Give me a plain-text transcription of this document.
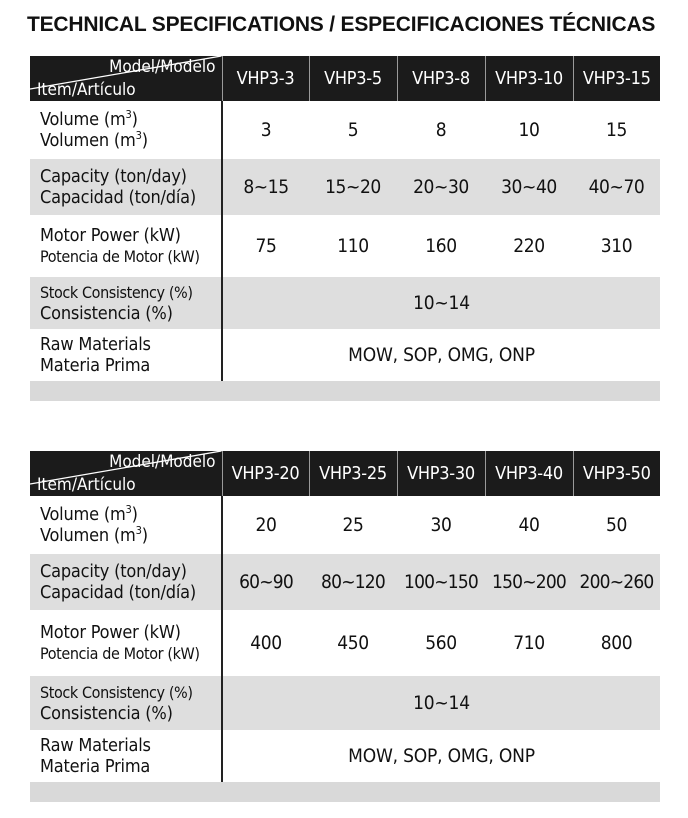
TECHNICAL SPECIFICATIONS / ESPECIFICACIONES TÉCNICAS
Model/Modelo
Item/Artículo	VHP3-3	VHP3-5	VHP3-8	VHP3-10	VHP3-15

Volume $(m^3)$
Volumen $(m^3)$	3	5	8	10	15

Capacity (ton/day)
Capacidad (ton/día)	8~15	15~20	20~30	30~40	40~70

Motor Power (kW)
Potencia de Motor (kW)	75	110	160	220	310

Stock Consistency (%)
Consistencia (%)	10~14				

Raw Materials
Materia Prima	MOW, SOP, OMG, ONP				

Model/Modelo
Item/Artículo	VHP3-20	VHP3-25	VHP3-30	VHP3-40	VHP3-50

Volume $(m^3)$
Volumen $(m^3)$	20	25	30	40	50

Capacity (ton/day)
Capacidad (ton/día)	60~90	80~120	100~150	150~200	200~260

Motor Power (kW)
Potencia de Motor (kW)	400	450	560	710	800

Stock Consistency (%)
Consistencia (%)	10~14				

Raw Materials
Materia Prima	MOW, SOP, OMG, ONP				
